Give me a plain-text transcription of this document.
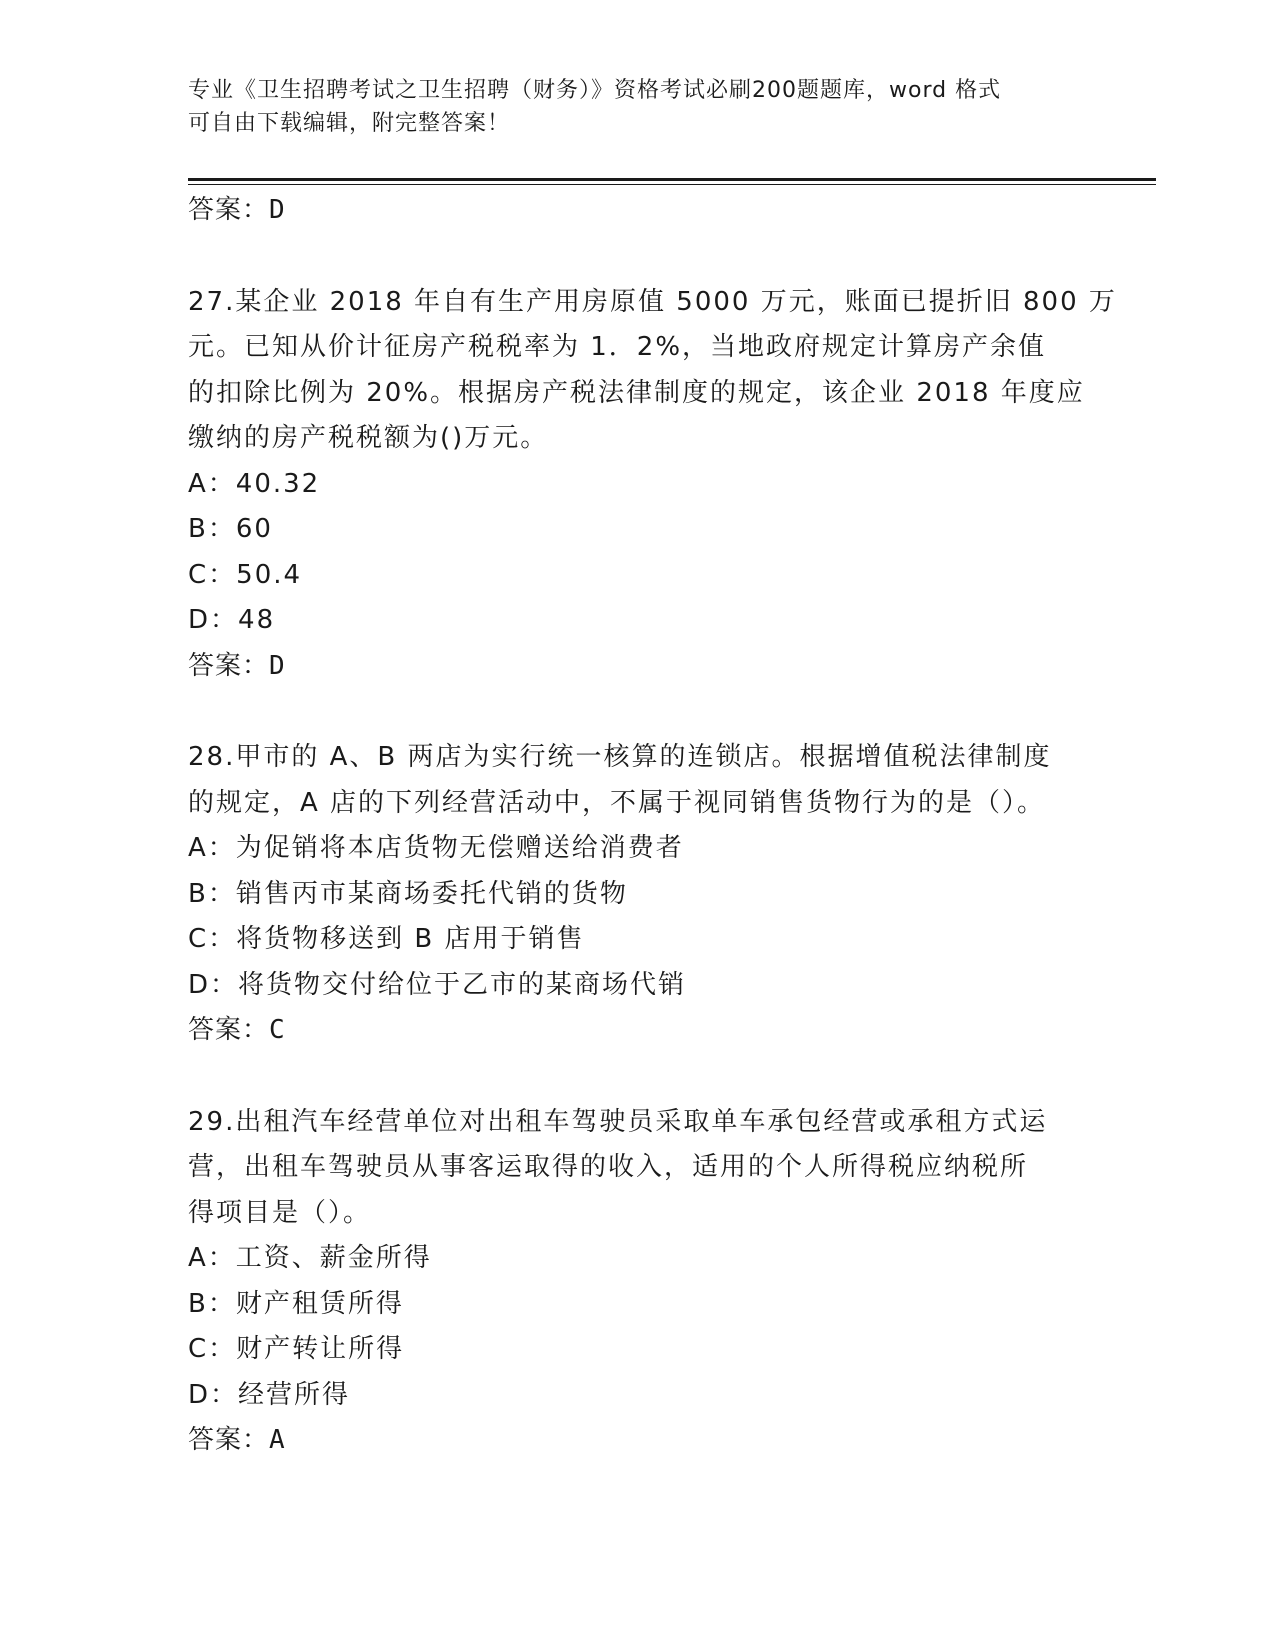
专业《卫生招聘考试之卫生招聘（财务）》资格考试必刷200题题库，word 格式
可自由下载编辑，附完整答案！
答案：D
27.某企业 2018 年自有生产用房原值 5000 万元，账面已提折旧 800 万
元。已知从价计征房产税税率为 1．2%，当地政府规定计算房产余值
的扣除比例为 20%。根据房产税法律制度的规定，该企业 2018 年度应
缴纳的房产税税额为()万元。
A：40.32
B：60
C：50.4
D：48
答案：D
28.甲市的 A、B 两店为实行统一核算的连锁店。根据增值税法律制度
的规定，A 店的下列经营活动中，不属于视同销售货物行为的是（）。
A：为促销将本店货物无偿赠送给消费者
B：销售丙市某商场委托代销的货物
C：将货物移送到 B 店用于销售
D：将货物交付给位于乙市的某商场代销
答案：C
29.出租汽车经营单位对出租车驾驶员采取单车承包经营或承租方式运
营，出租车驾驶员从事客运取得的收入，适用的个人所得税应纳税所
得项目是（）。
A：工资、薪金所得
B：财产租赁所得
C：财产转让所得
D：经营所得
答案：A
